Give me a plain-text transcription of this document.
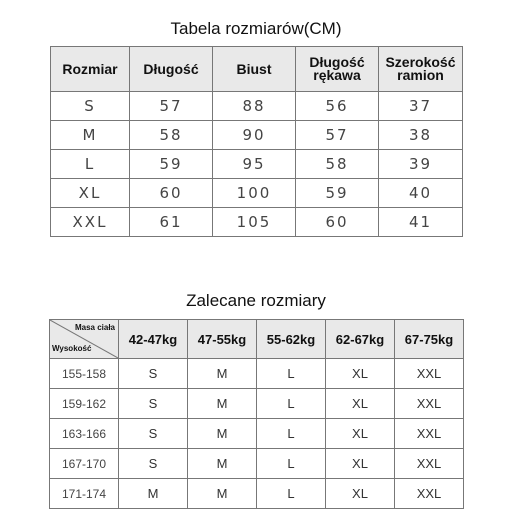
Tabela rozmiarów(CM)
Rozmiar	Długość	Biust	Długość rękawa	Szerokość ramion
S	57	88	56	37
M	58	90	57	38
L	59	95	58	39
XL	60	100	59	40
XXL	61	105	60	41
Zalecane rozmiary
Masa ciała
Wysokość	42-47kg	47-55kg	55-62kg	62-67kg	67-75kg
155-158	S	M	L	XL	XXL
159-162	S	M	L	XL	XXL
163-166	S	M	L	XL	XXL
167-170	S	M	L	XL	XXL
171-174	M	M	L	XL	XXL
